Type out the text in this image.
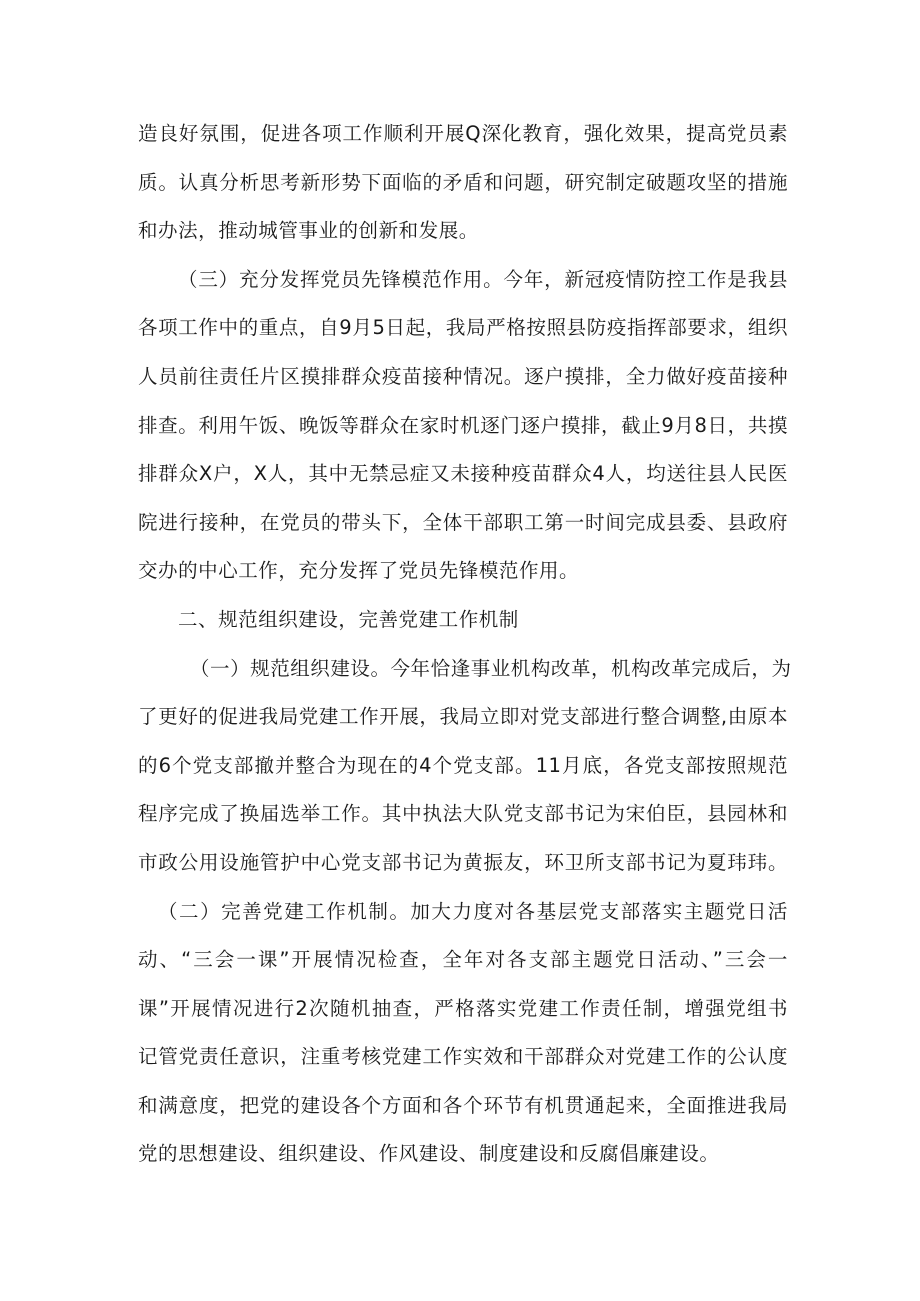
造良好氛围，促进各项工作顺利开展Q深化教育，强化效果，提高党员素
质。认真分析思考新形势下面临的矛盾和问题，研究制定破题攻坚的措施
和办法，推动城管事业的创新和发展。
（三）充分发挥党员先锋模范作用。今年，新冠疫情防控工作是我县
各项工作中的重点，自9月5日起，我局严格按照县防疫指挥部要求，组织
人员前往责任片区摸排群众疫苗接种情况。逐户摸排，全力做好疫苗接种
排查。利用午饭、晚饭等群众在家时机逐门逐户摸排，截止9月8日，共摸
排群众X户，X人，其中无禁忌症又未接种疫苗群众4人，均送往县人民医
院进行接种，在党员的带头下，全体干部职工第一时间完成县委、县政府
交办的中心工作，充分发挥了党员先锋模范作用。
二、规范组织建设，完善党建工作机制
（一）规范组织建设。今年恰逢事业机构改革，机构改革完成后，为
了更好的促进我局党建工作开展，我局立即对党支部进行整合调整,由原本
的6个党支部撤并整合为现在的4个党支部。11月底，各党支部按照规范
程序完成了换届选举工作。其中执法大队党支部书记为宋伯臣，县园林和
市政公用设施管护中心党支部书记为黄振友，环卫所支部书记为夏玮玮。
（二）完善党建工作机制。加大力度对各基层党支部落实主题党日活
动、“三会一课”开展情况检查，全年对各支部主题党日活动、”三会一
课”开展情况进行2次随机抽查，严格落实党建工作责任制，增强党组书
记管党责任意识，注重考核党建工作实效和干部群众对党建工作的公认度
和满意度，把党的建设各个方面和各个环节有机贯通起来，全面推进我局
党的思想建设、组织建设、作风建设、制度建设和反腐倡廉建设。
